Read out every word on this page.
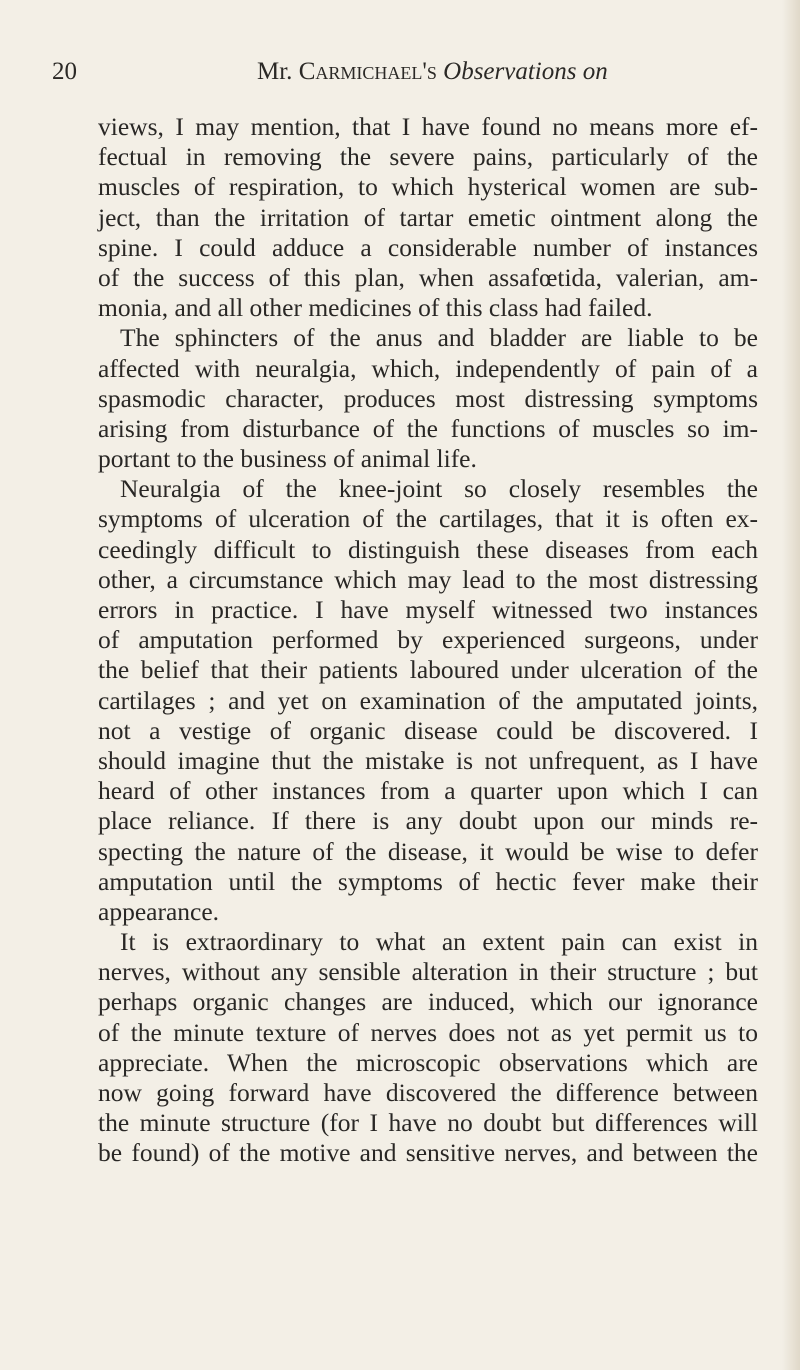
20	Mr. Carmichael's Observations on
views, I may mention, that I have found no means more ef-
fectual in removing the severe pains, particularly of the
muscles of respiration, to which hysterical women are sub-
ject, than the irritation of tartar emetic ointment along the
spine. I could adduce a considerable number of instances
of the success of this plan, when assafœtida, valerian, am-
monia, and all other medicines of this class had failed.
The sphincters of the anus and bladder are liable to be
affected with neuralgia, which, independently of pain of a
spasmodic character, produces most distressing symptoms
arising from disturbance of the functions of muscles so im-
portant to the business of animal life.
Neuralgia of the knee-joint so closely resembles the
symptoms of ulceration of the cartilages, that it is often ex-
ceedingly difficult to distinguish these diseases from each
other, a circumstance which may lead to the most distressing
errors in practice. I have myself witnessed two instances
of amputation performed by experienced surgeons, under
the belief that their patients laboured under ulceration of the
cartilages ; and yet on examination of the amputated joints,
not a vestige of organic disease could be discovered. I
should imagine thut the mistake is not unfrequent, as I have
heard of other instances from a quarter upon which I can
place reliance. If there is any doubt upon our minds re-
specting the nature of the disease, it would be wise to defer
amputation until the symptoms of hectic fever make their
appearance.
It is extraordinary to what an extent pain can exist in
nerves, without any sensible alteration in their structure ; but
perhaps organic changes are induced, which our ignorance
of the minute texture of nerves does not as yet permit us to
appreciate. When the microscopic observations which are
now going forward have discovered the difference between
the minute structure (for I have no doubt but differences will
be found) of the motive and sensitive nerves, and between the
